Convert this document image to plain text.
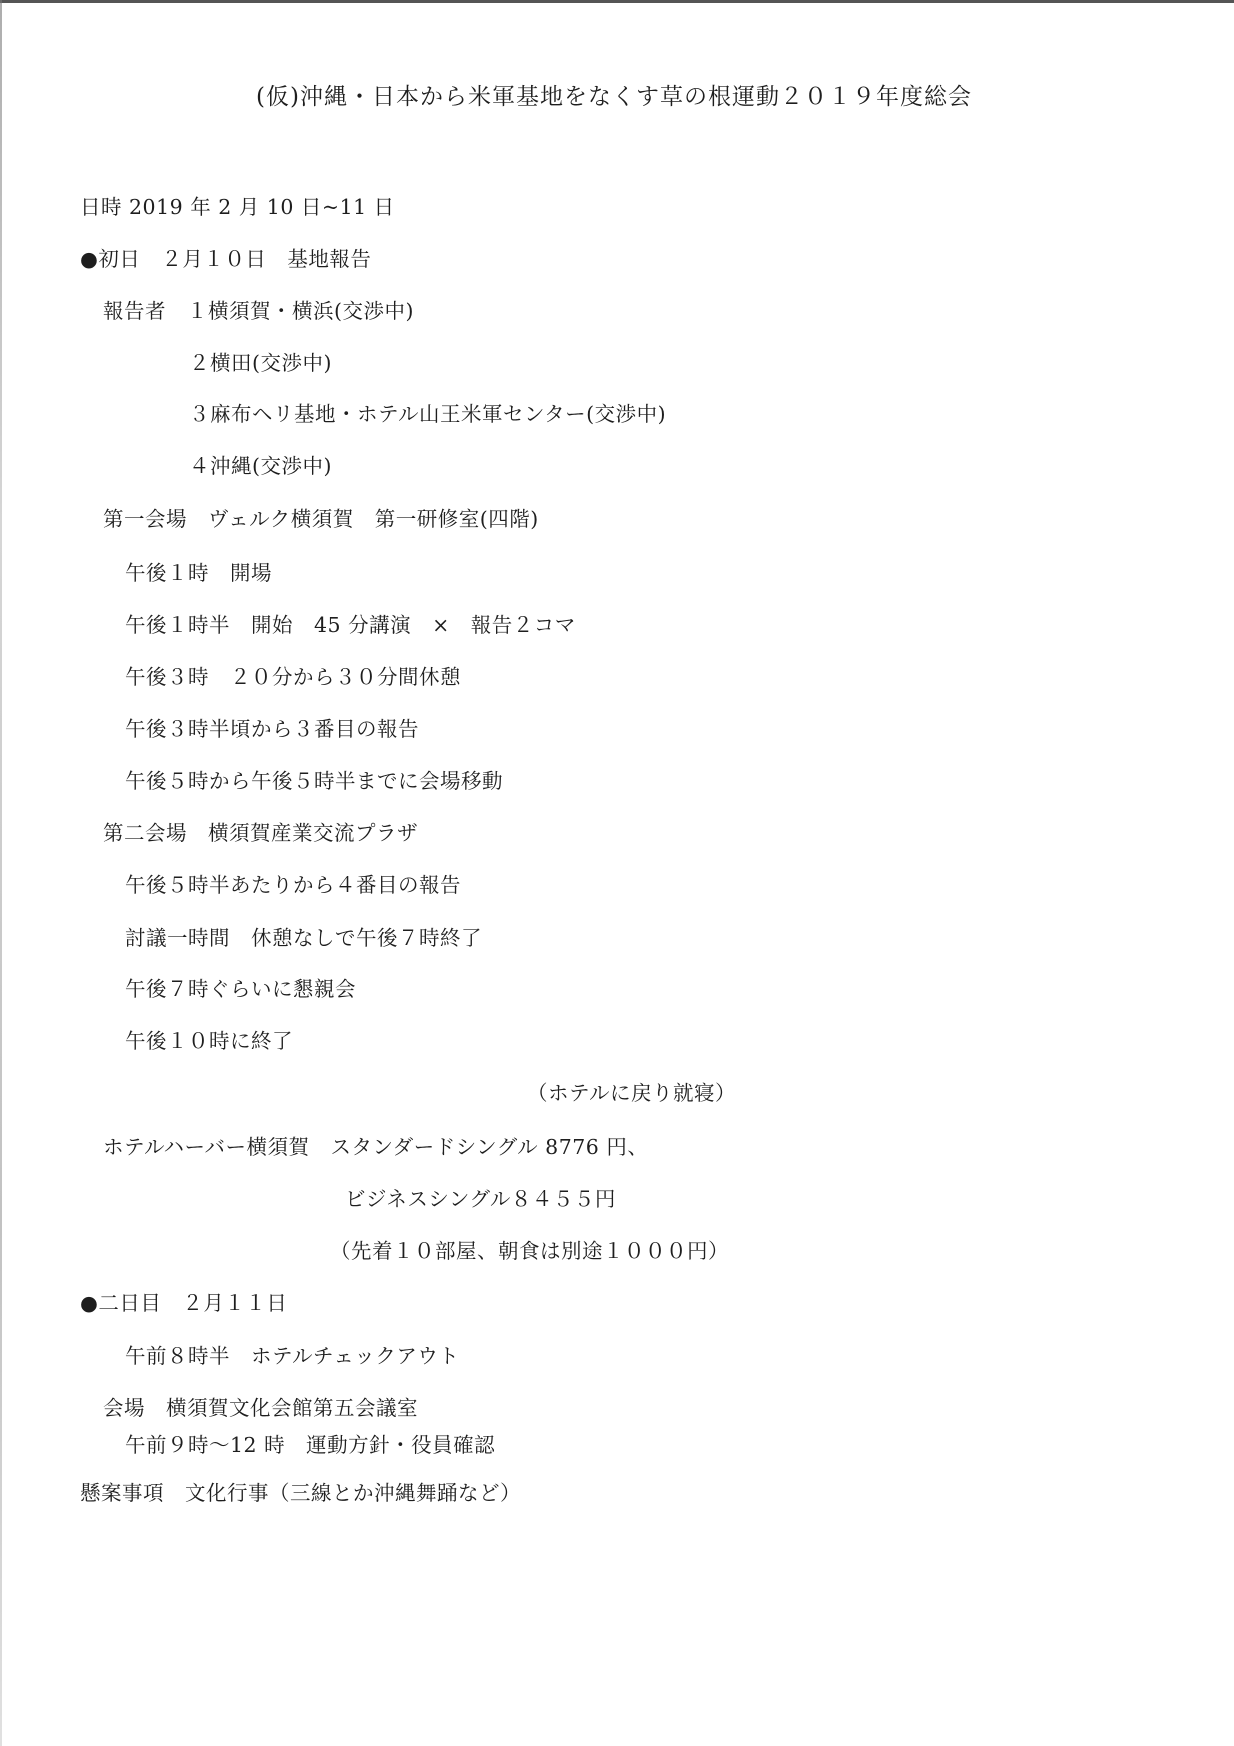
(仮)沖縄・日本から米軍基地をなくす草の根運動２０１９年度総会
日時 2019 年 2 月 10 日~11 日
●初日　２月１０日　基地報告
報告者　１横須賀・横浜(交渉中)
２横田(交渉中)
３麻布ヘリ基地・ホテル山王米軍センター(交渉中)
４沖縄(交渉中)
第一会場　ヴェルク横須賀　第一研修室(四階)
午後１時　開場
午後１時半　開始　45 分講演　×　報告２コマ
午後３時　２０分から３０分間休憩
午後３時半頃から３番目の報告
午後５時から午後５時半までに会場移動
第二会場　横須賀産業交流プラザ
午後５時半あたりから４番目の報告
討議一時間　休憩なしで午後７時終了
午後７時ぐらいに懇親会
午後１０時に終了
（ホテルに戻り就寝）
ホテルハーバー横須賀　スタンダードシングル 8776 円、
ビジネスシングル８４５５円
（先着１０部屋、朝食は別途１０００円）
●二日目　２月１１日
午前８時半　ホテルチェックアウト
会場　横須賀文化会館第五会議室
午前９時～12 時　運動方針・役員確認
懸案事項　文化行事（三線とか沖縄舞踊など）
